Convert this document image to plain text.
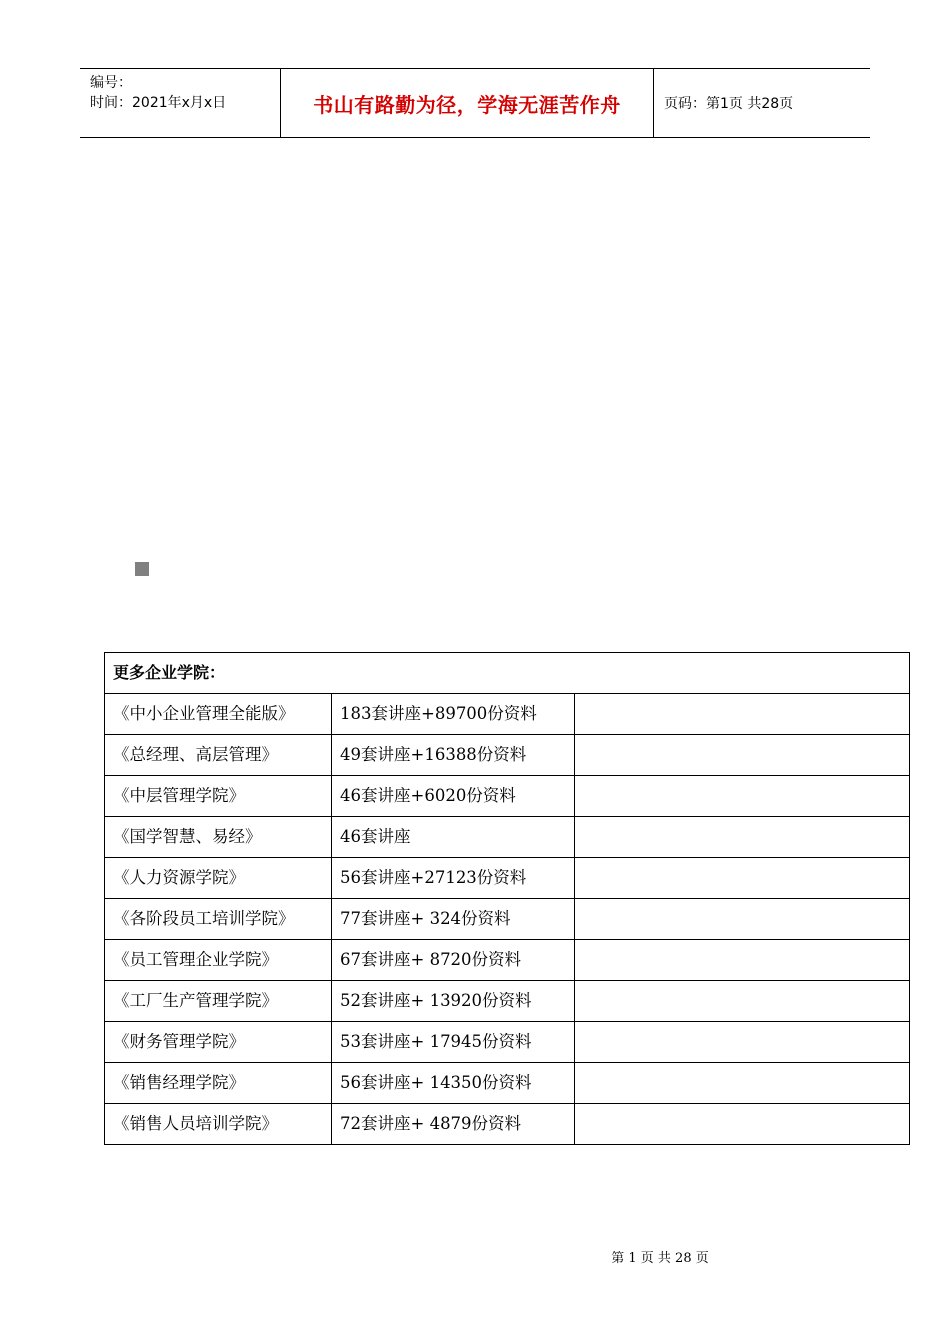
编号：
时间：2021年x月x日	书山有路勤为径，学海无涯苦作舟	页码：第1页 共28页
更多企业学院：		
《中小企业管理全能版》	183套讲座+89700份资料	
《总经理、高层管理》	49套讲座+16388份资料	
《中层管理学院》	46套讲座+6020份资料	
《国学智慧、易经》	46套讲座	
《人力资源学院》	56套讲座+27123份资料	
《各阶段员工培训学院》	77套讲座+ 324份资料	
《员工管理企业学院》	67套讲座+ 8720份资料	
《工厂生产管理学院》	52套讲座+ 13920份资料	
《财务管理学院》	53套讲座+ 17945份资料	
《销售经理学院》	56套讲座+ 14350份资料	
《销售人员培训学院》	72套讲座+ 4879份资料	
第 1 页 共 28 页
